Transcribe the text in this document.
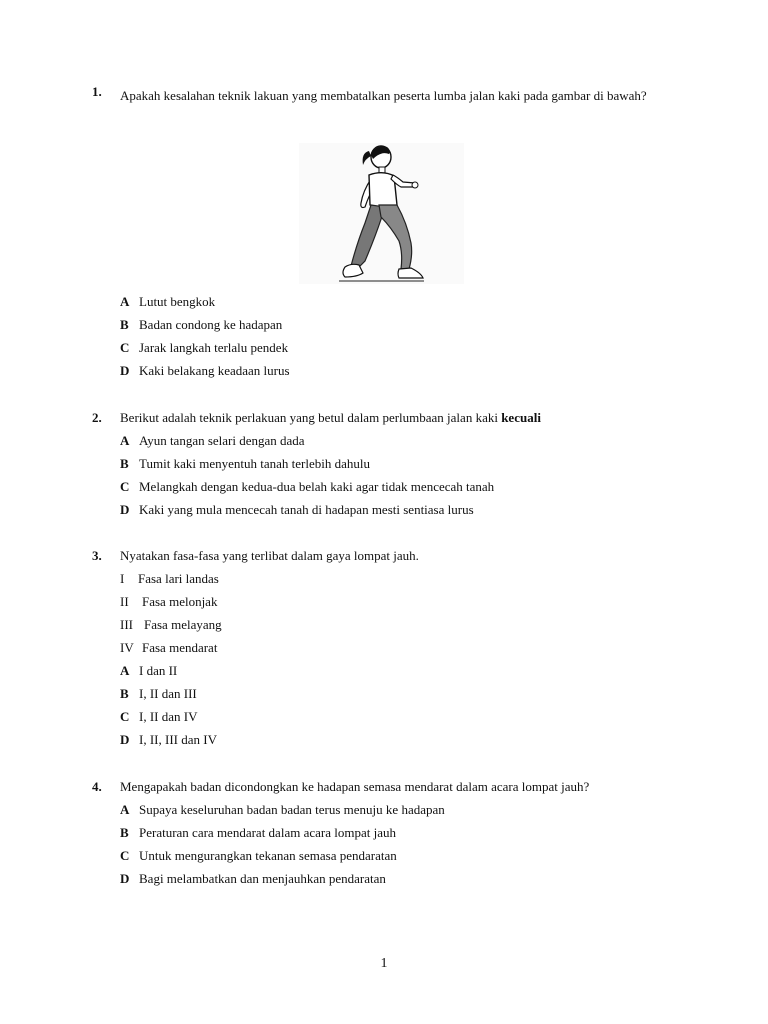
1. Apakah kesalahan teknik lakuan yang membatalkan peserta lumba jalan kaki pada gambar di bawah?
A Lutut bengkok
B Badan condong ke hadapan
C Jarak langkah terlalu pendek
D Kaki belakang keadaan lurus
2. Berikut adalah teknik perlakuan yang betul dalam perlumbaan jalan kaki kecuali
A Ayun tangan selari dengan dada
B Tumit kaki menyentuh tanah terlebih dahulu
C Melangkah dengan kedua-dua belah kaki agar tidak mencecah tanah
D Kaki yang mula mencecah tanah di hadapan mesti sentiasa lurus
3. Nyatakan fasa-fasa yang terlibat dalam gaya lompat jauh.
I Fasa lari landas
II Fasa melonjak
III Fasa melayang
IV Fasa mendarat
A I dan II
B I, II dan III
C I, II dan IV
D I, II, III dan IV
4. Mengapakah badan dicondongkan ke hadapan semasa mendarat dalam acara lompat jauh?
A Supaya keseluruhan badan badan terus menuju ke hadapan
B Peraturan cara mendarat dalam acara lompat jauh
C Untuk mengurangkan tekanan semasa pendaratan
D Bagi melambatkan dan menjauhkan pendaratan
1
